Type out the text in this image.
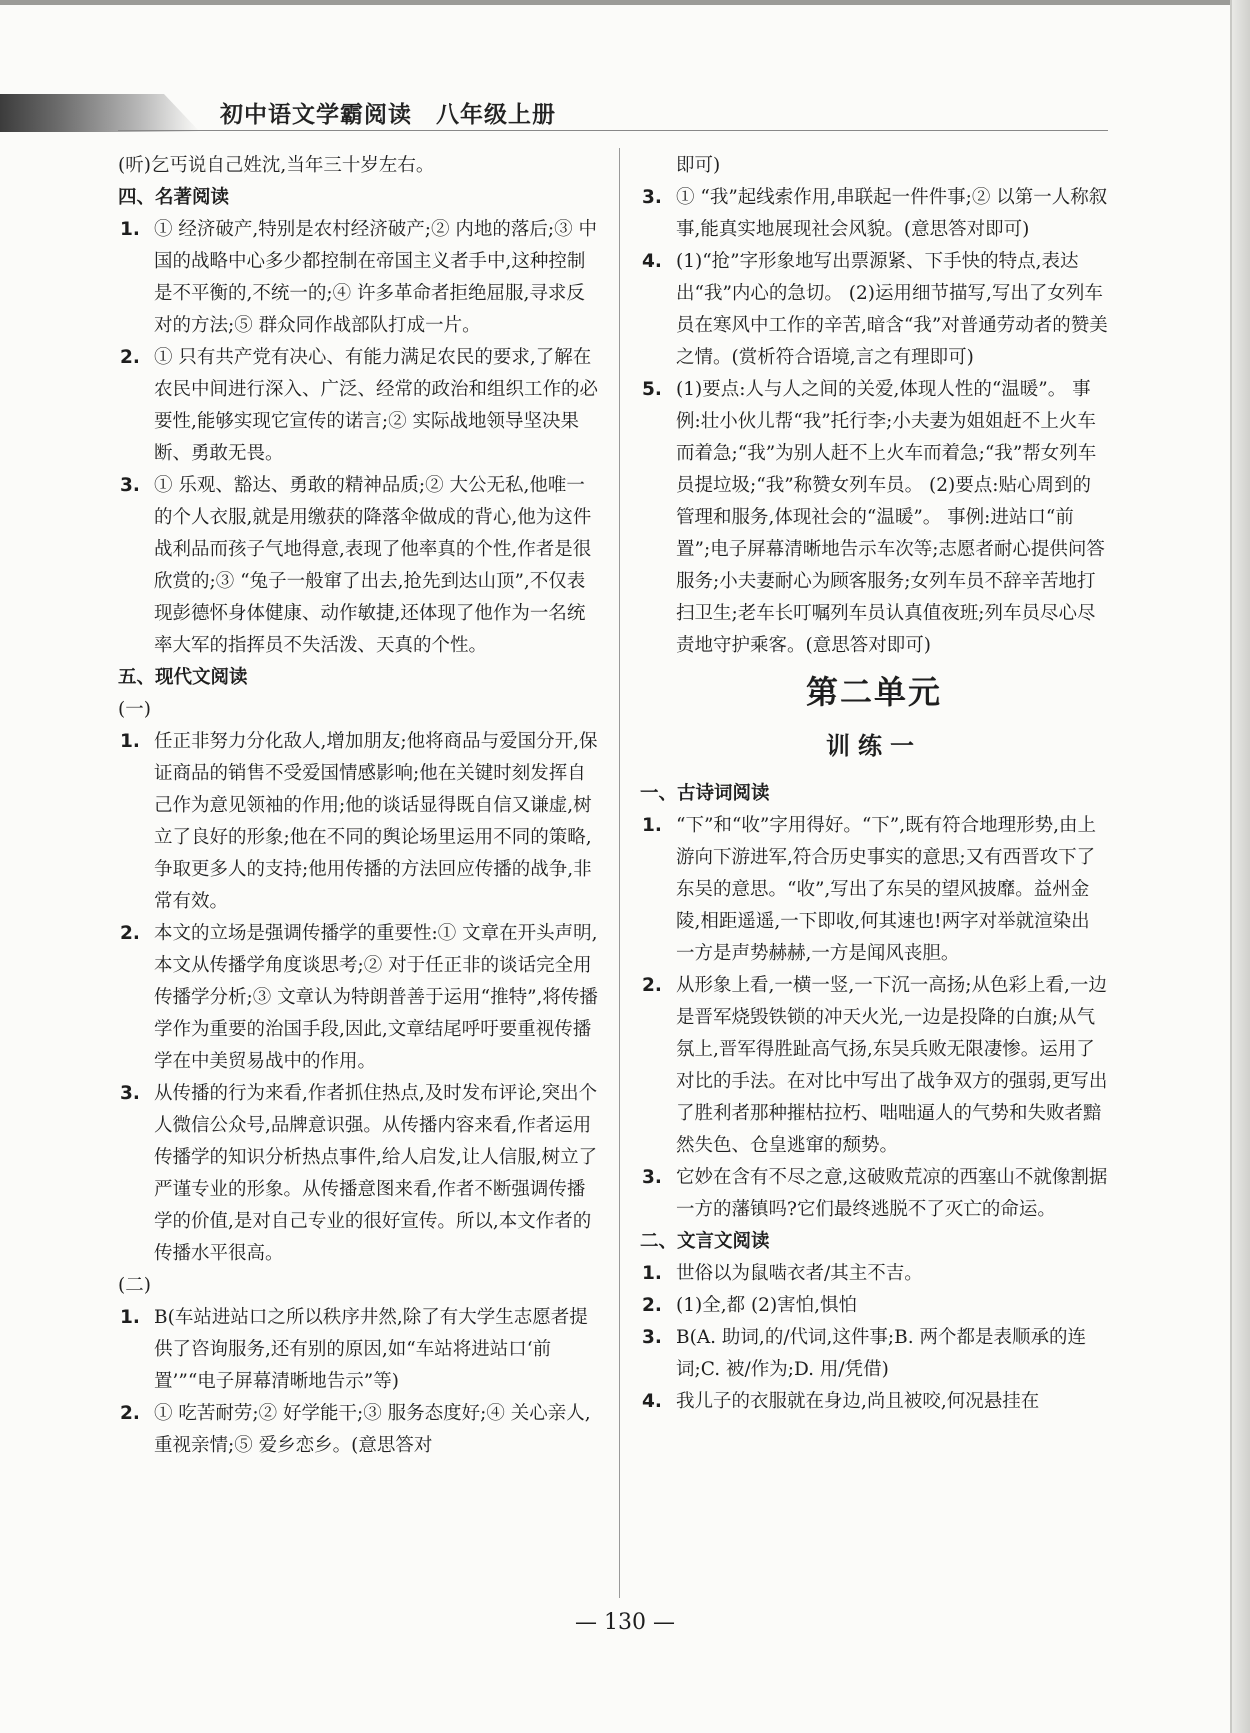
初中语文学霸阅读 八年级上册
(听)乞丐说自己姓沈,当年三十岁左右。
四、名著阅读
1. ① 经济破产,特别是农村经济破产;② 内地的落后;③ 中国的战略中心多少都控制在帝国主义者手中,这种控制是不平衡的,不统一的;④ 许多革命者拒绝屈服,寻求反对的方法;⑤ 群众同作战部队打成一片。
2. ① 只有共产党有决心、有能力满足农民的要求,了解在农民中间进行深入、广泛、经常的政治和组织工作的必要性,能够实现它宣传的诺言;② 实际战地领导坚决果断、勇敢无畏。
3. ① 乐观、豁达、勇敢的精神品质;② 大公无私,他唯一的个人衣服,就是用缴获的降落伞做成的背心,他为这件战利品而孩子气地得意,表现了他率真的个性,作者是很欣赏的;③ “兔子一般窜了出去,抢先到达山顶”,不仅表现彭德怀身体健康、动作敏捷,还体现了他作为一名统率大军的指挥员不失活泼、天真的个性。
五、现代文阅读
(一)
1. 任正非努力分化敌人,增加朋友;他将商品与爱国分开,保证商品的销售不受爱国情感影响;他在关键时刻发挥自己作为意见领袖的作用;他的谈话显得既自信又谦虚,树立了良好的形象;他在不同的舆论场里运用不同的策略,争取更多人的支持;他用传播的方法回应传播的战争,非常有效。
2. 本文的立场是强调传播学的重要性:① 文章在开头声明,本文从传播学角度谈思考;② 对于任正非的谈话完全用传播学分析;③ 文章认为特朗普善于运用“推特”,将传播学作为重要的治国手段,因此,文章结尾呼吁要重视传播学在中美贸易战中的作用。
3. 从传播的行为来看,作者抓住热点,及时发布评论,突出个人微信公众号,品牌意识强。从传播内容来看,作者运用传播学的知识分析热点事件,给人启发,让人信服,树立了严谨专业的形象。从传播意图来看,作者不断强调传播学的价值,是对自己专业的很好宣传。所以,本文作者的传播水平很高。
(二)
1. B(车站进站口之所以秩序井然,除了有大学生志愿者提供了咨询服务,还有别的原因,如“车站将进站口‘前置’”“电子屏幕清晰地告示”等)
2. ① 吃苦耐劳;② 好学能干;③ 服务态度好;④ 关心亲人,重视亲情;⑤ 爱乡恋乡。(意思答对
即可)
3. ① “我”起线索作用,串联起一件件事;② 以第一人称叙事,能真实地展现社会风貌。(意思答对即可)
4. (1)“抢”字形象地写出票源紧、下手快的特点,表达出“我”内心的急切。 (2)运用细节描写,写出了女列车员在寒风中工作的辛苦,暗含“我”对普通劳动者的赞美之情。(赏析符合语境,言之有理即可)
5. (1)要点:人与人之间的关爱,体现人性的“温暖”。 事例:壮小伙儿帮“我”托行李;小夫妻为姐姐赶不上火车而着急;“我”为别人赶不上火车而着急;“我”帮女列车员提垃圾;“我”称赞女列车员。 (2)要点:贴心周到的管理和服务,体现社会的“温暖”。 事例:进站口“前置”;电子屏幕清晰地告示车次等;志愿者耐心提供问答服务;小夫妻耐心为顾客服务;女列车员不辞辛苦地打扫卫生;老车长叮嘱列车员认真值夜班;列车员尽心尽责地守护乘客。(意思答对即可)
第二单元
训练一
一、古诗词阅读
1. “下”和“收”字用得好。“下”,既有符合地理形势,由上游向下游进军,符合历史事实的意思;又有西晋攻下了东吴的意思。“收”,写出了东吴的望风披靡。益州金陵,相距遥遥,一下即收,何其速也!两字对举就渲染出一方是声势赫赫,一方是闻风丧胆。
2. 从形象上看,一横一竖,一下沉一高扬;从色彩上看,一边是晋军烧毁铁锁的冲天火光,一边是投降的白旗;从气氛上,晋军得胜趾高气扬,东吴兵败无限凄惨。运用了对比的手法。在对比中写出了战争双方的强弱,更写出了胜利者那种摧枯拉朽、咄咄逼人的气势和失败者黯然失色、仓皇逃窜的颓势。
3. 它妙在含有不尽之意,这破败荒凉的西塞山不就像割据一方的藩镇吗?它们最终逃脱不了灭亡的命运。
二、文言文阅读
1. 世俗以为鼠啮衣者/其主不吉。
2. (1)全,都 (2)害怕,惧怕
3. B(A. 助词,的/代词,这件事;B. 两个都是表顺承的连词;C. 被/作为;D. 用/凭借)
4. 我儿子的衣服就在身边,尚且被咬,何况悬挂在
— 130 —
